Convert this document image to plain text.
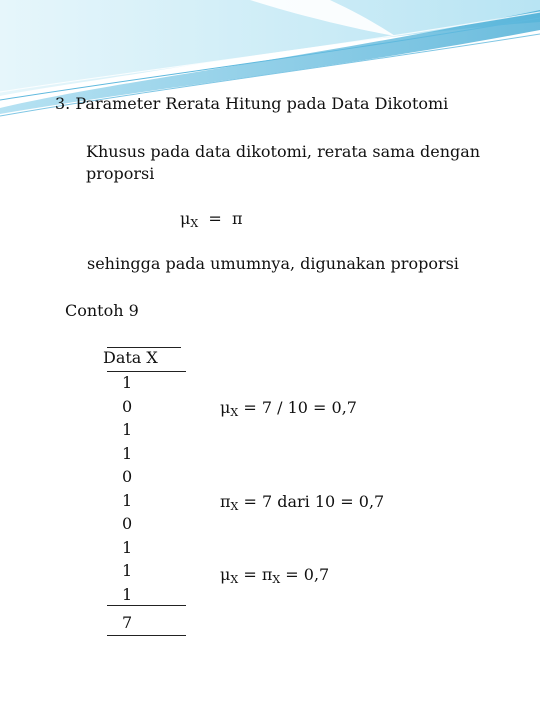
3. Parameter Rerata Hitung pada Data Dikotomi
Khusus pada data dikotomi, rerata sama dengan
proporsi
$\mu_X = \pi$
sehingga pada umumnya, digunakan proporsi
Contoh 9
Data X
1
0
1
1
0
1
0
1
1
1
7
$\mu_X = 7 / 10 = 0,7$
$\pi_X = 7$ dari 10 = 0,7
$\mu_X = \pi_X = 0,7$
